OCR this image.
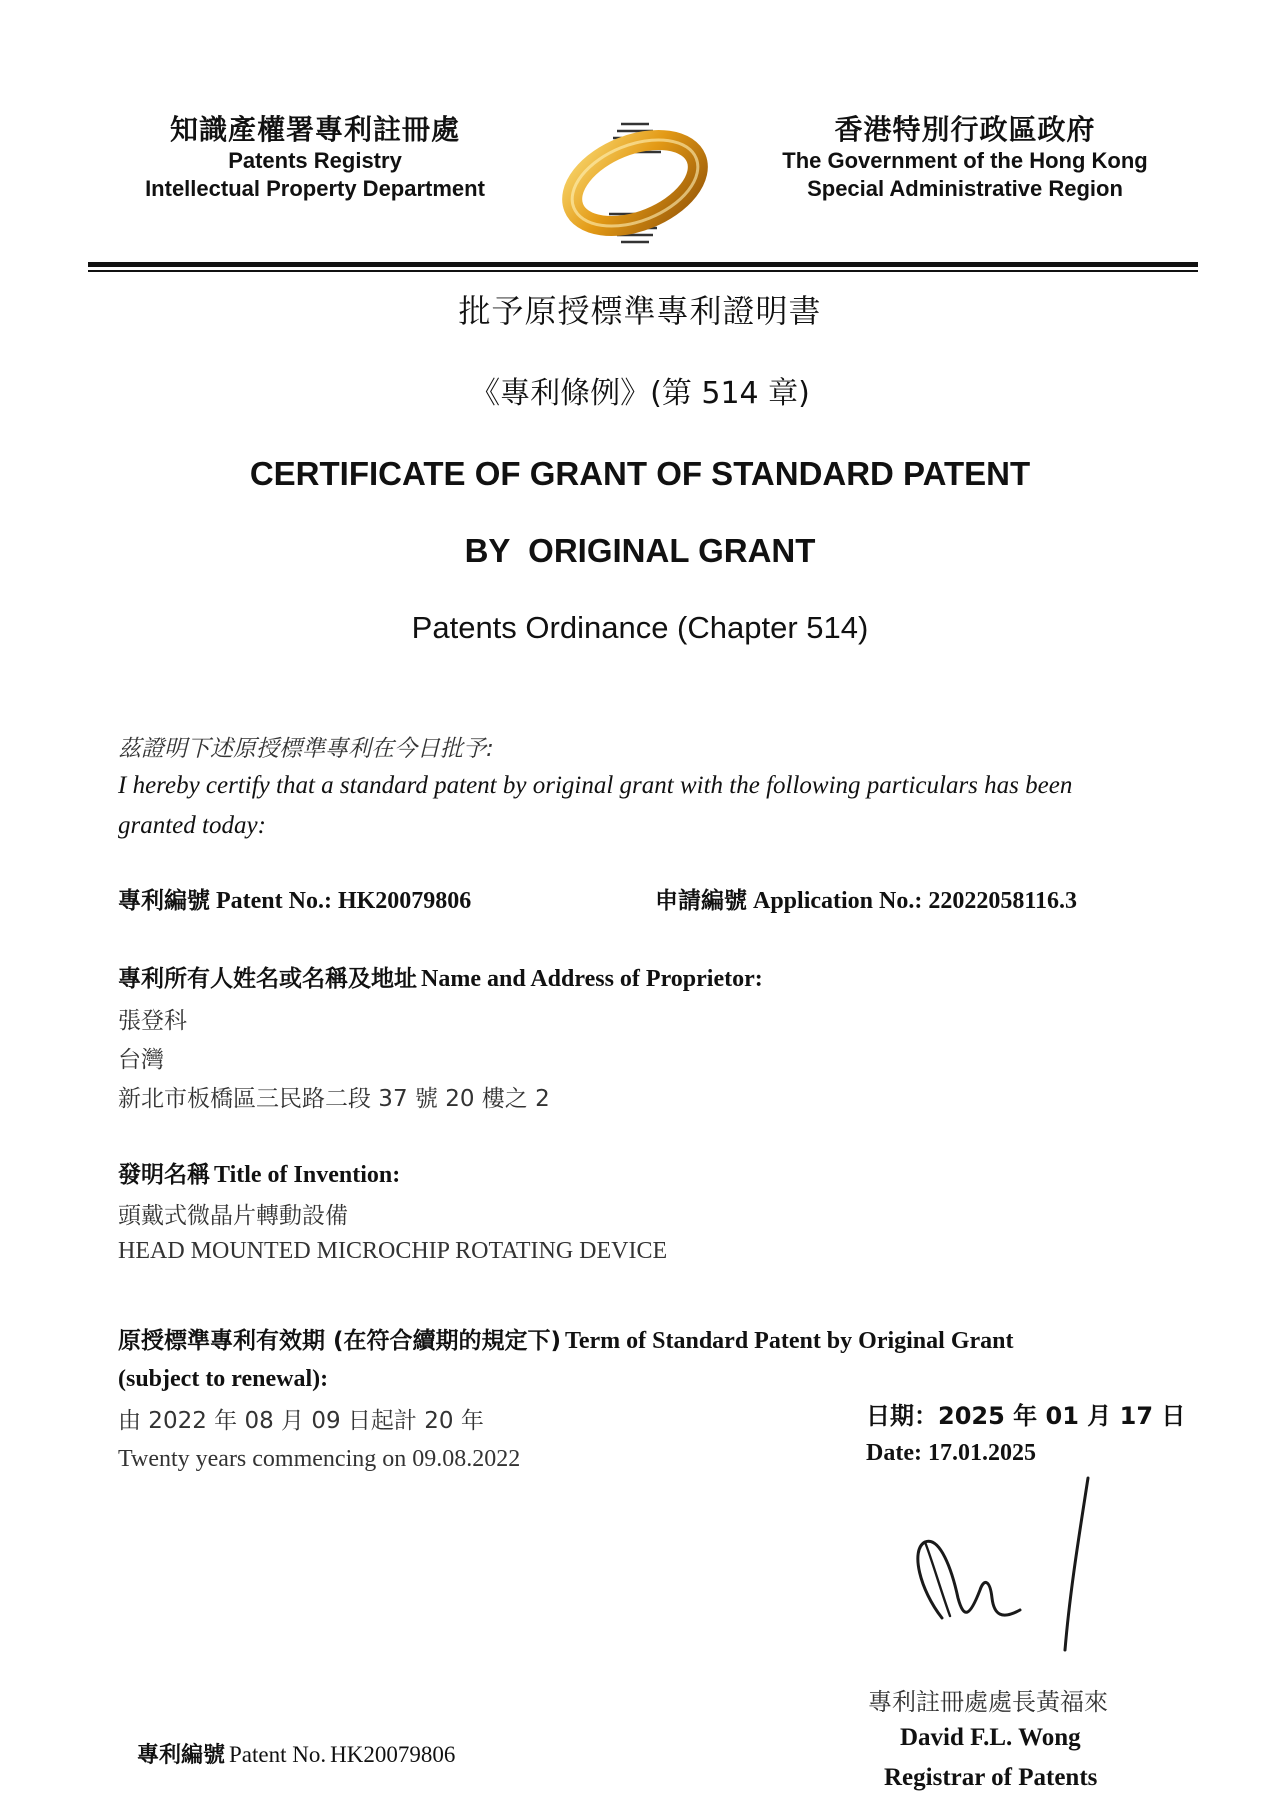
知識產權署專利註冊處
Patents Registry
Intellectual Property Department
香港特別行政區政府
The Government of the Hong Kong
Special Administrative Region
批予原授標準專利證明書
《專利條例》(第 514 章)
CERTIFICATE OF GRANT OF STANDARD PATENT
BY  ORIGINAL GRANT
Patents Ordinance (Chapter 514)
茲證明下述原授標準專利在今日批予:
I hereby certify that a standard patent by original grant with the following particulars has been
granted today:
專利編號 Patent No.: HK20079806	申請編號 Application No.: 22022058116.3
專利所有人姓名或名稱及地址 Name and Address of Proprietor:
張登科
台灣
新北市板橋區三民路二段 37 號 20 樓之 2
發明名稱 Title of Invention:
頭戴式微晶片轉動設備
HEAD MOUNTED MICROCHIP ROTATING DEVICE
原授標準專利有效期 (在符合續期的規定下) Term of Standard Patent by Original Grant
(subject to renewal):
由 2022 年 08 月 09 日起計 20 年
Twenty years commencing on 09.08.2022
日期：2025 年 01 月 17 日
Date: 17.01.2025
專利註冊處處長黃福來
David F.L. Wong
Registrar of Patents
專利編號 Patent No. HK20079806
